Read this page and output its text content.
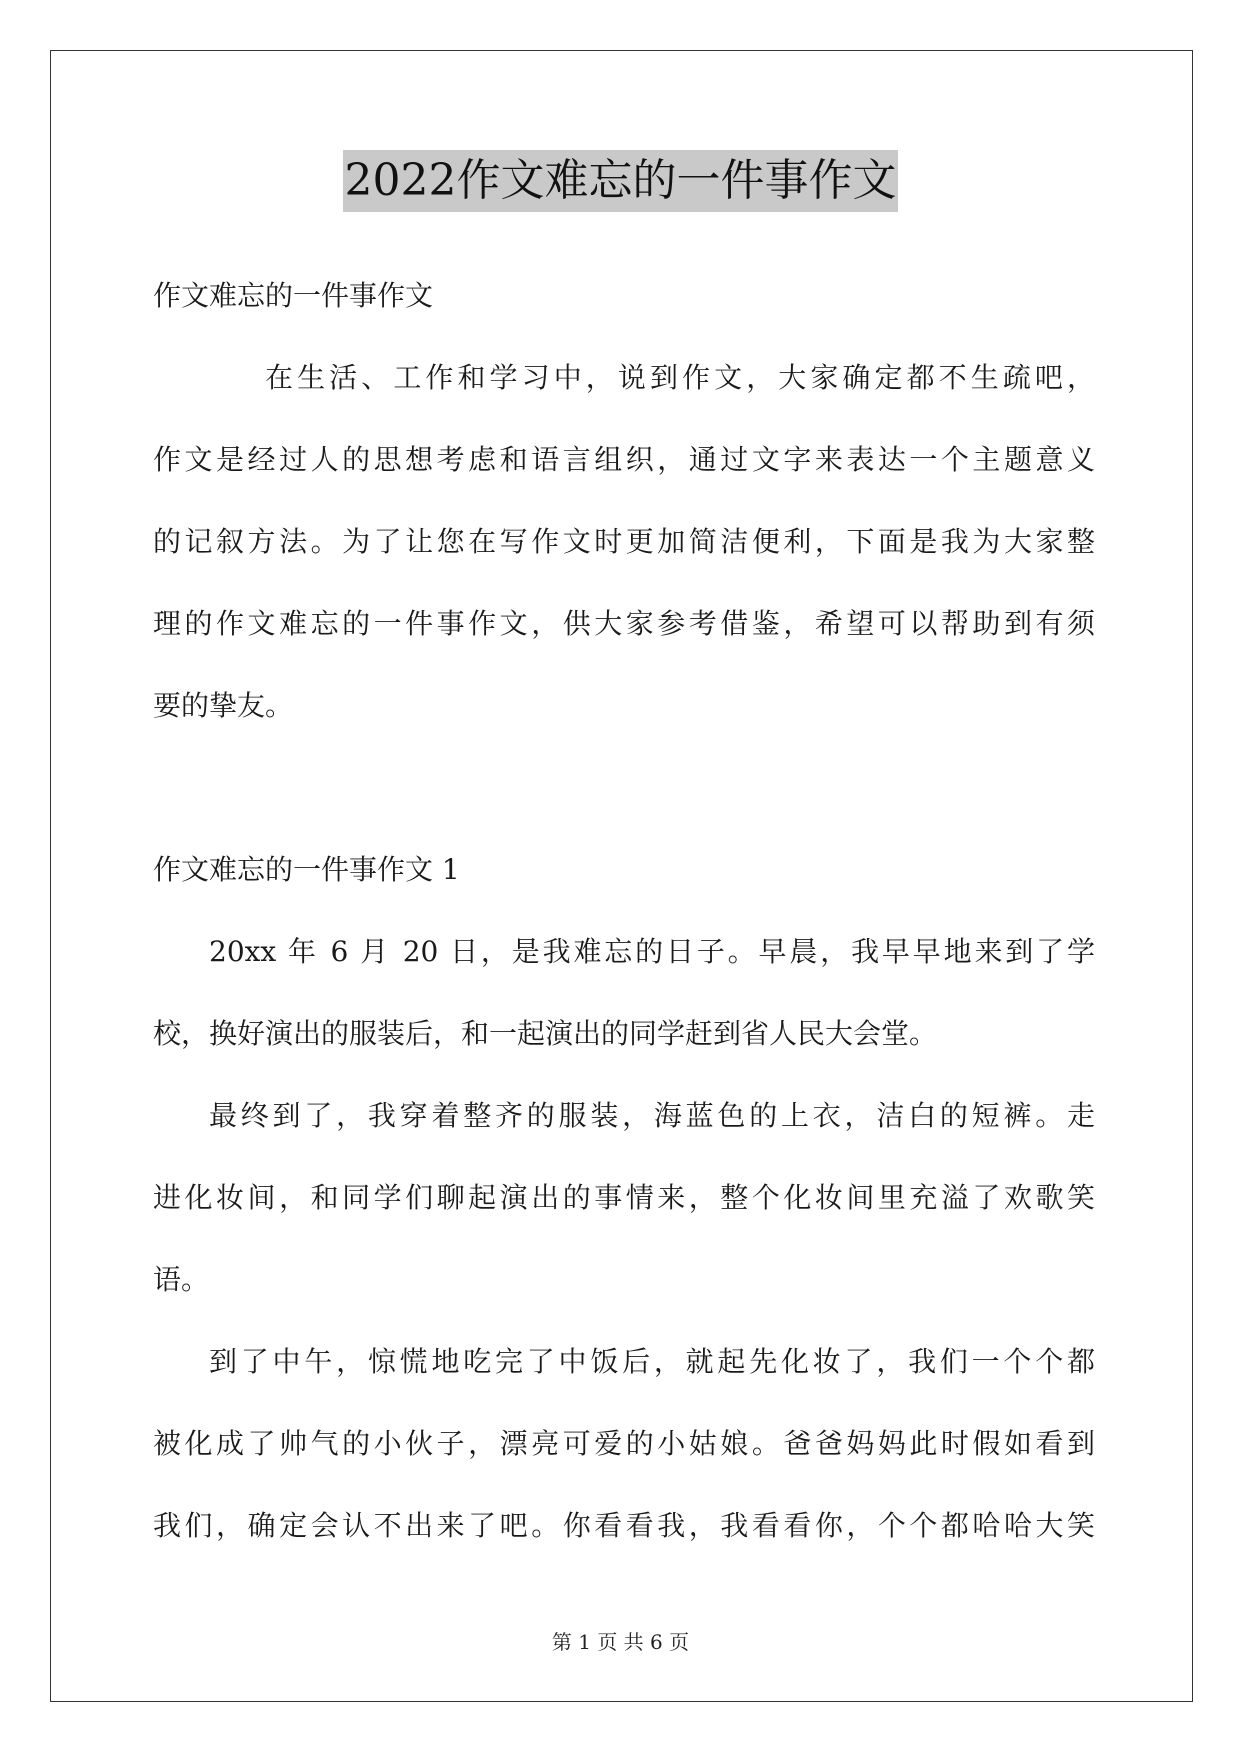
2022作文难忘的一件事作文
作文难忘的一件事作文
在生活、工作和学习中，说到作文，大家确定都不生疏吧，
作文是经过人的思想考虑和语言组织，通过文字来表达一个主题意义
的记叙方法。为了让您在写作文时更加简洁便利，下面是我为大家整
理的作文难忘的一件事作文，供大家参考借鉴，希望可以帮助到有须
要的挚友。
作文难忘的一件事作文 1
20xx 年 6 月 20 日，是我难忘的日子。早晨，我早早地来到了学
校，换好演出的服装后，和一起演出的同学赶到省人民大会堂。
最终到了，我穿着整齐的服装，海蓝色的上衣，洁白的短裤。走
进化妆间，和同学们聊起演出的事情来，整个化妆间里充溢了欢歌笑
语。
到了中午，惊慌地吃完了中饭后，就起先化妆了，我们一个个都
被化成了帅气的小伙子，漂亮可爱的小姑娘。爸爸妈妈此时假如看到
我们，确定会认不出来了吧。你看看我，我看看你，个个都哈哈大笑
第 1 页 共 6 页
